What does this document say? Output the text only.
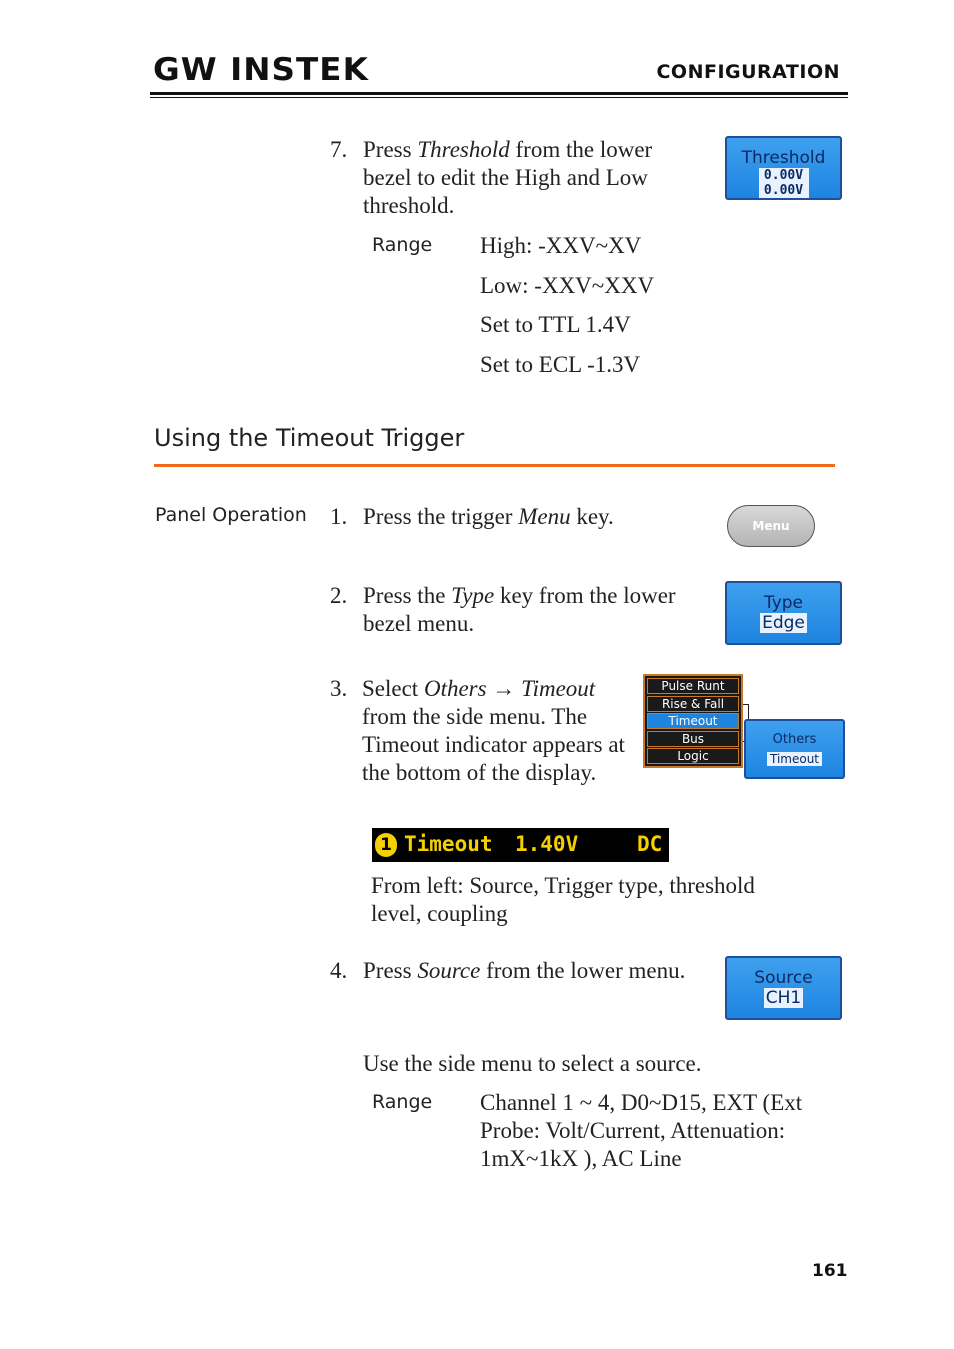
GW INSTEK	CONFIGURATION
7. Press Threshold from the lower bezel to edit the High and Low threshold.
Threshold
0.00V
0.00V
Range High: -XXV~XV
Low: -XXV~XXV
Set to TTL 1.4V
Set to ECL -1.3V
Using the Timeout Trigger
Panel Operation 1. Press the trigger Menu key.	Menu
2. Press the Type key from the lower bezel menu.
Type
Edge
3. Select Others → Timeout
from the side menu. The Timeout indicator appears at the bottom of the display.
Pulse Runt
Rise & Fall
Timeout
Bus
Logic
Others
Timeout
1 Timeout 1.40V	DC
From left: Source, Trigger type, threshold level, coupling
4. Press Source from the lower menu.	Source
CH1
Use the side menu to select a source.
Range Channel 1 ~ 4, D0~D15, EXT (Ext Probe: Volt/Current, Attenuation: 1mX~1kX ), AC Line
161
